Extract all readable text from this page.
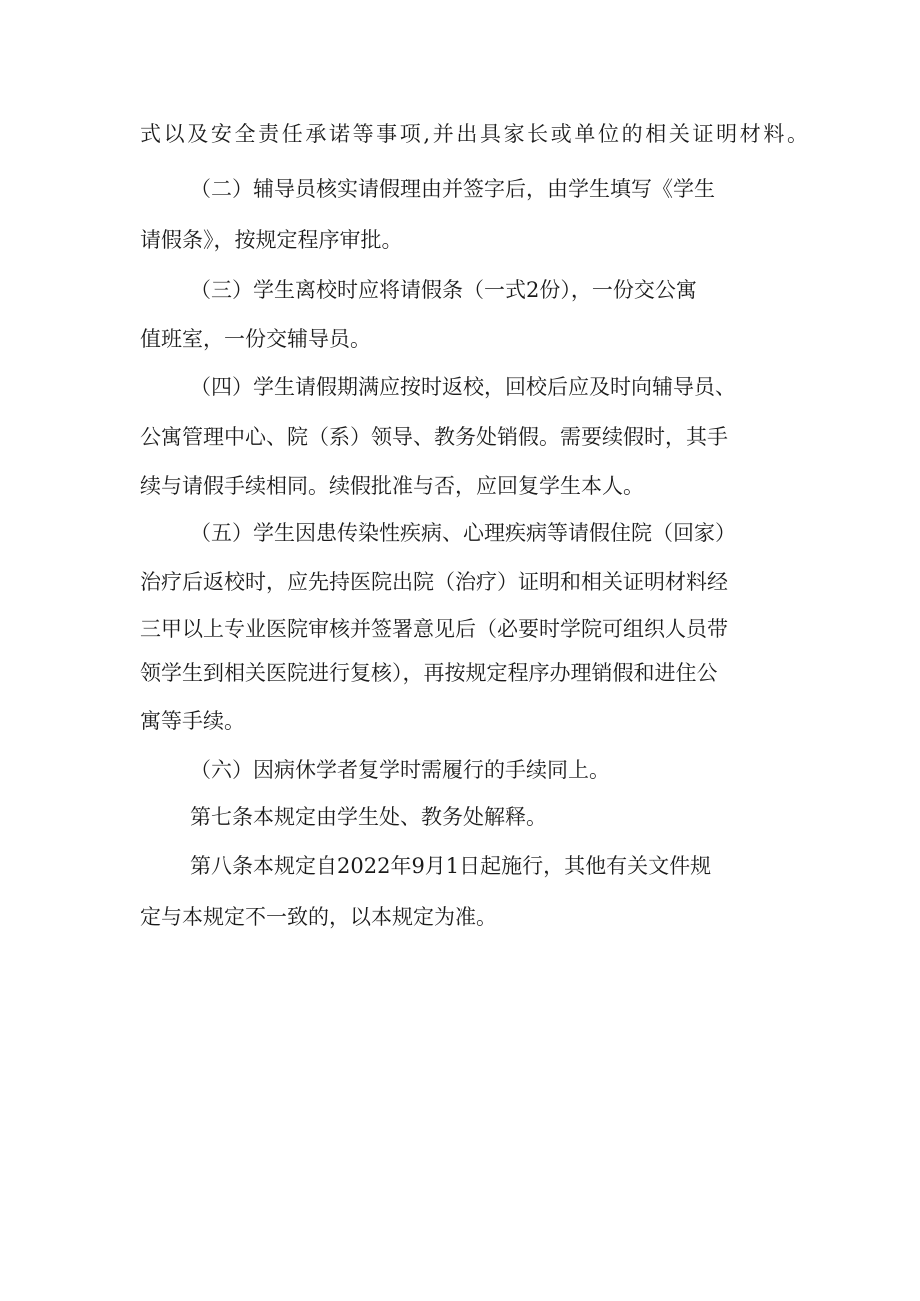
式以及安全责任承诺等事项,并出具家长或单位的相关证明材料。
（二）辅导员核实请假理由并签字后，由学生填写《学生
请假条》，按规定程序审批。
（三）学生离校时应将请假条（一式2份），一份交公寓
值班室，一份交辅导员。
（四）学生请假期满应按时返校，回校后应及时向辅导员、
公寓管理中心、院（系）领导、教务处销假。需要续假时，其手
续与请假手续相同。续假批准与否，应回复学生本人。
（五）学生因患传染性疾病、心理疾病等请假住院（回家）
治疗后返校时，应先持医院出院（治疗）证明和相关证明材料经
三甲以上专业医院审核并签署意见后（必要时学院可组织人员带
领学生到相关医院进行复核），再按规定程序办理销假和进住公
寓等手续。
（六）因病休学者复学时需履行的手续同上。
第七条本规定由学生处、教务处解释。
第八条本规定自2022年9月1日起施行，其他有关文件规
定与本规定不一致的，以本规定为准。
